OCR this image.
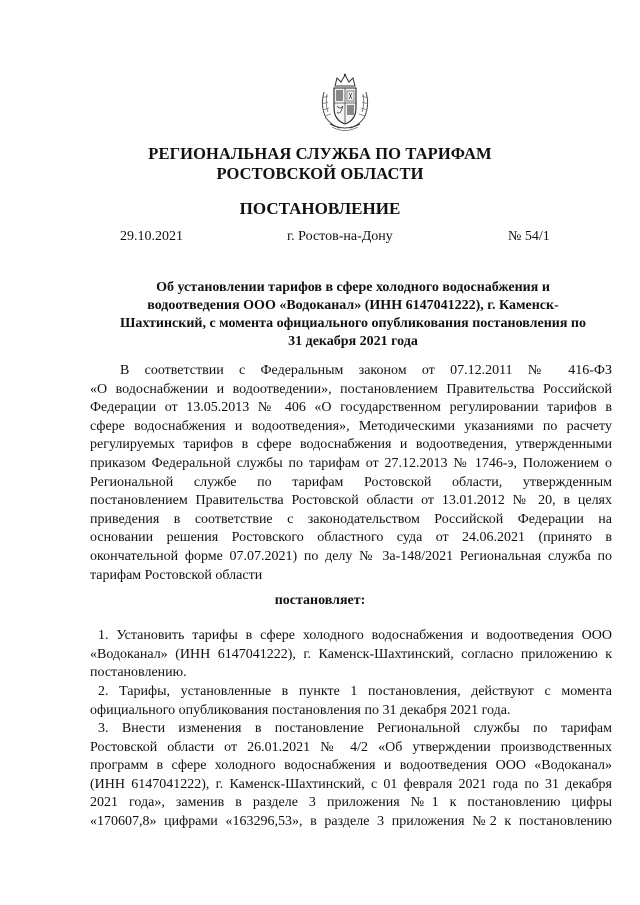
РЕГИОНАЛЬНАЯ СЛУЖБА ПО ТАРИФАМ
РОСТОВСКОЙ ОБЛАСТИ
ПОСТАНОВЛЕНИЕ
29.10.2021	г. Ростов-на-Дону	№ 54/1
Об установлении тарифов в сфере холодного водоснабжения и
водоотведения ООО «Водоканал» (ИНН 6147041222), г. Каменск-
Шахтинский, с момента официального опубликования постановления по
31 декабря 2021 года
В соответствии с Федеральным законом от 07.12.2011 № 416-ФЗ
«О водоснабжении и водоотведении», постановлением Правительства Российской
Федерации от 13.05.2013 № 406 «О государственном регулировании тарифов в
сфере водоснабжения и водоотведения», Методическими указаниями по расчету
регулируемых тарифов в сфере водоснабжения и водоотведения, утвержденными
приказом Федеральной службы по тарифам от 27.12.2013 № 1746-э, Положением о
Региональной службе по тарифам Ростовской области, утвержденным
постановлением Правительства Ростовской области от 13.01.2012 № 20, в целях
приведения в соответствие с законодательством Российской Федерации на
основании решения Ростовского областного суда от 24.06.2021 (принято в
окончательной форме 07.07.2021) по делу № 3а-148/2021 Региональная служба по
тарифам Ростовской области
постановляет:
1. Установить тарифы в сфере холодного водоснабжения и водоотведения ООО
«Водоканал» (ИНН 6147041222), г. Каменск-Шахтинский, согласно приложению к
постановлению.
2. Тарифы, установленные в пункте 1 постановления, действуют с момента
официального опубликования постановления по 31 декабря 2021 года.
3. Внести изменения в постановление Региональной службы по тарифам
Ростовской области от 26.01.2021 № 4/2 «Об утверждении производственных
программ в сфере холодного водоснабжения и водоотведения ООО «Водоканал»
(ИНН 6147041222), г. Каменск-Шахтинский, с 01 февраля 2021 года по 31 декабря
2021 года», заменив в разделе 3 приложения №1 к постановлению цифры
«170607,8» цифрами «163296,53», в разделе 3 приложения №2 к постановлению
